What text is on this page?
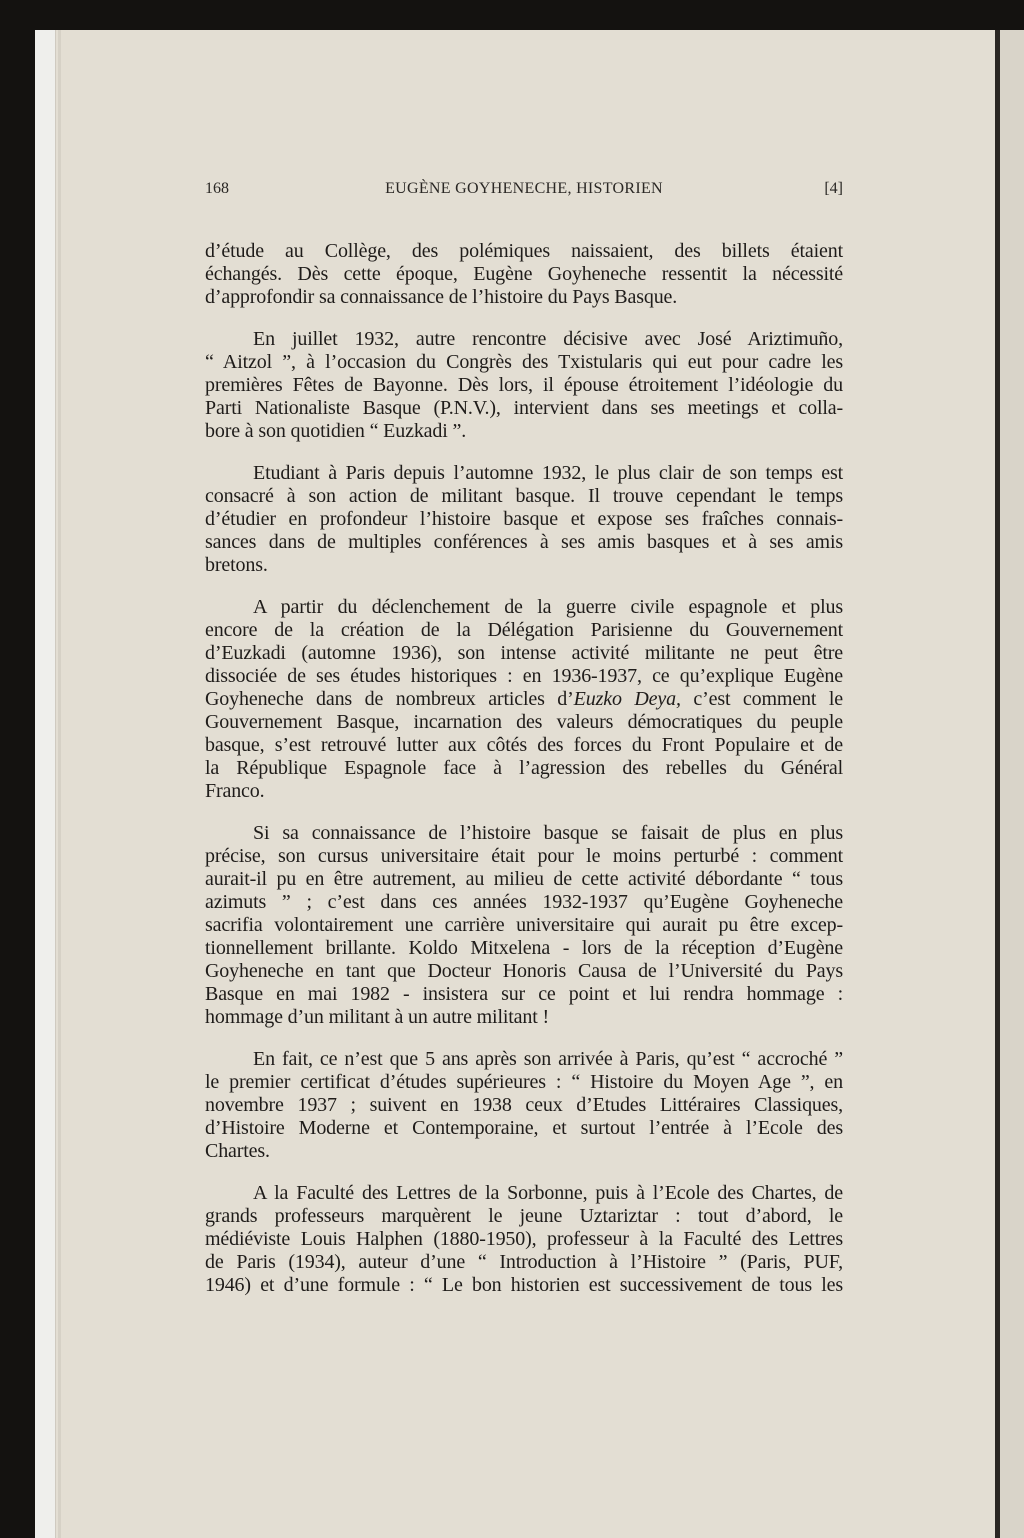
168	EUGÈNE GOYHENECHE, HISTORIEN	[4]
d’étude au Collège, des polémiques naissaient, des billets étaient
échangés. Dès cette époque, Eugène Goyheneche ressentit la nécessité
d’approfondir sa connaissance de l’histoire du Pays Basque.
En juillet 1932, autre rencontre décisive avec José Ariztimuño,
“ Aitzol ”, à l’occasion du Congrès des Txistularis qui eut pour cadre les
premières Fêtes de Bayonne. Dès lors, il épouse étroitement l’idéologie du
Parti Nationaliste Basque (P.N.V.), intervient dans ses meetings et colla-
bore à son quotidien “ Euzkadi ”.
Etudiant à Paris depuis l’automne 1932, le plus clair de son temps est
consacré à son action de militant basque. Il trouve cependant le temps
d’étudier en profondeur l’histoire basque et expose ses fraîches connais-
sances dans de multiples conférences à ses amis basques et à ses amis
bretons.
A partir du déclenchement de la guerre civile espagnole et plus
encore de la création de la Délégation Parisienne du Gouvernement
d’Euzkadi (automne 1936), son intense activité militante ne peut être
dissociée de ses études historiques : en 1936-1937, ce qu’explique Eugène
Goyheneche dans de nombreux articles d’Euzko Deya, c’est comment le
Gouvernement Basque, incarnation des valeurs démocratiques du peuple
basque, s’est retrouvé lutter aux côtés des forces du Front Populaire et de
la République Espagnole face à l’agression des rebelles du Général
Franco.
Si sa connaissance de l’histoire basque se faisait de plus en plus
précise, son cursus universitaire était pour le moins perturbé : comment
aurait-il pu en être autrement, au milieu de cette activité débordante “ tous
azimuts ” ; c’est dans ces années 1932-1937 qu’Eugène Goyheneche
sacrifia volontairement une carrière universitaire qui aurait pu être excep-
tionnellement brillante. Koldo Mitxelena - lors de la réception d’Eugène
Goyheneche en tant que Docteur Honoris Causa de l’Université du Pays
Basque en mai 1982 - insistera sur ce point et lui rendra hommage :
hommage d’un militant à un autre militant !
En fait, ce n’est que 5 ans après son arrivée à Paris, qu’est “ accroché ”
le premier certificat d’études supérieures : “ Histoire du Moyen Age ”, en
novembre 1937 ; suivent en 1938 ceux d’Etudes Littéraires Classiques,
d’Histoire Moderne et Contemporaine, et surtout l’entrée à l’Ecole des
Chartes.
A la Faculté des Lettres de la Sorbonne, puis à l’Ecole des Chartes, de
grands professeurs marquèrent le jeune Uztariztar : tout d’abord, le
médiéviste Louis Halphen (1880-1950), professeur à la Faculté des Lettres
de Paris (1934), auteur d’une “ Introduction à l’Histoire ” (Paris, PUF,
1946) et d’une formule : “ Le bon historien est successivement de tous les
